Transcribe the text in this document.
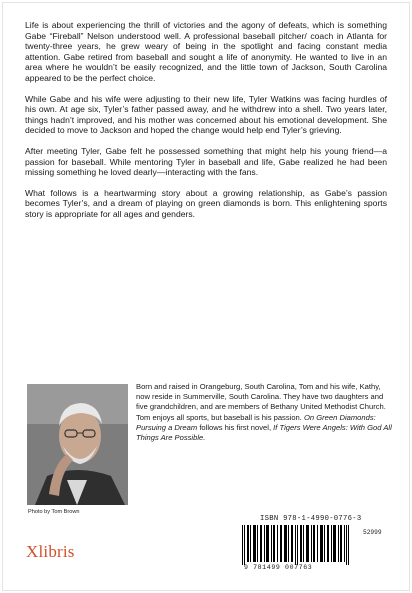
Life is about experiencing the thrill of victories and the agony of defeats, which is something Gabe “Fireball” Nelson understood well. A professional baseball pitcher/ coach in Atlanta for twenty-three years, he grew weary of being in the spotlight and facing constant media attention. Gabe retired from baseball and sought a life of anonymity. He wanted to live in an area where he wouldn’t be easily recognized, and the little town of Jackson, South Carolina appeared to be the perfect choice.

While Gabe and his wife were adjusting to their new life, Tyler Watkins was facing hurdles of his own. At age six, Tyler’s father passed away, and he withdrew into a shell. Two years later, things hadn’t improved, and his mother was concerned about his emotional development. She decided to move to Jackson and hoped the change would help end Tyler’s grieving.

After meeting Tyler, Gabe felt he possessed something that might help his young friend—a passion for baseball. While mentoring Tyler in baseball and life, Gabe realized he had been missing something he loved dearly—interacting with the fans.

What follows is a heartwarming story about a growing relationship, as Gabe’s passion becomes Tyler’s, and a dream of playing on green diamonds is born. This enlightening sports story is appropriate for all ages and genders.

Photo by Tom Brown
Born and raised in Orangeburg, South Carolina, Tom and his wife, Kathy, now reside in Summerville, South Carolina. They have two daughters and five grandchildren, and are members of Bethany United Methodist Church. Tom enjoys all sports, but baseball is his passion. On Green Diamonds: Pursuing a Dream follows his first novel, If Tigers Were Angels: With God All Things Are Possible.
Xlibris
ISBN 978-1-4990-0776-3
52999
9 781499 007763
